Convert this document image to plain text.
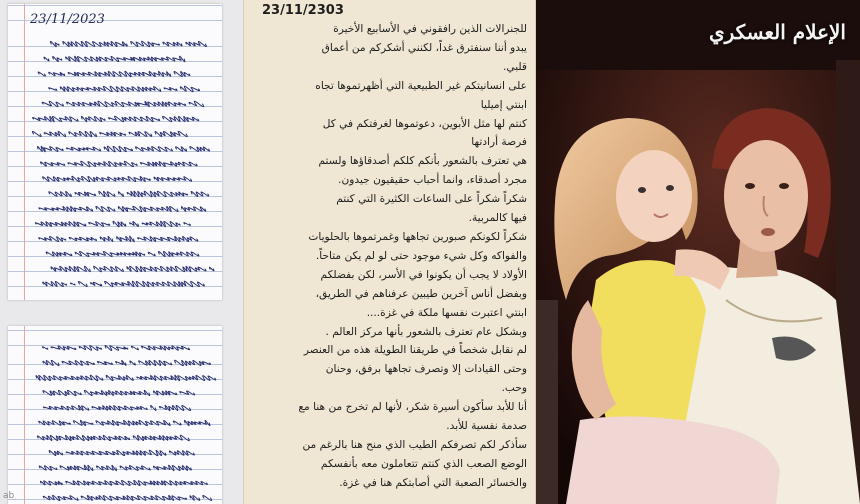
23/11/2023
ab
23/11/2303

للجنرالات الذين رافقوني في الأسابيع الأخيرة

يبدو أننا سنفترق غداً، لكنني أشكركم من أعماق

قلبي.

على انسانيتكم غير الطبيعية التي أظهرتموها تجاه

ابنتي إميليا

كنتم لها مثل الأبوين، دعوتموها لغرفتكم في كل

فرصة أرادتها

هي تعترف بالشعور بأنكم كلكم أصدقاؤها ولستم

مجرد أصدقاء، وانما أحباب حقيقيون جيدون.

شكراً شكراً على الساعات الكثيرة التي كنتم

فيها كالمربية.

شكراً لكونكم صبورين تجاهها وغمرتموها بالحلويات

والفواكه وكل شيء موجود حتى لو لم يكن متاحاً.

الأولاد لا يجب أن يكونوا في الأسر، لكن بفضلكم

وبفضل أناس آخرين طيبين عرفناهم في الطريق،

ابنتي اعتبرت نفسها ملكة في غزة....

وبشكل عام تعترف بالشعور بأنها مركز العالم .

لم نقابل شخصاً في طريقنا الطويلة هذه من العنصر

وحتى القيادات إلا وتصرف تجاهها برفق، وحنان

وحب.

أنا للأبد سأكون أسيرة شكر، لأنها لم تخرج من هنا مع

صدمة نفسية للأبد.

سأذكر لكم تصرفكم الطيب الذي منح هنا بالرغم من

الوضع الصعب الذي كنتم تتعاملون معه بأنفسكم

والخسائر الصعبة التي أصابتكم هنا في غزة.

الإعلام العسكري
